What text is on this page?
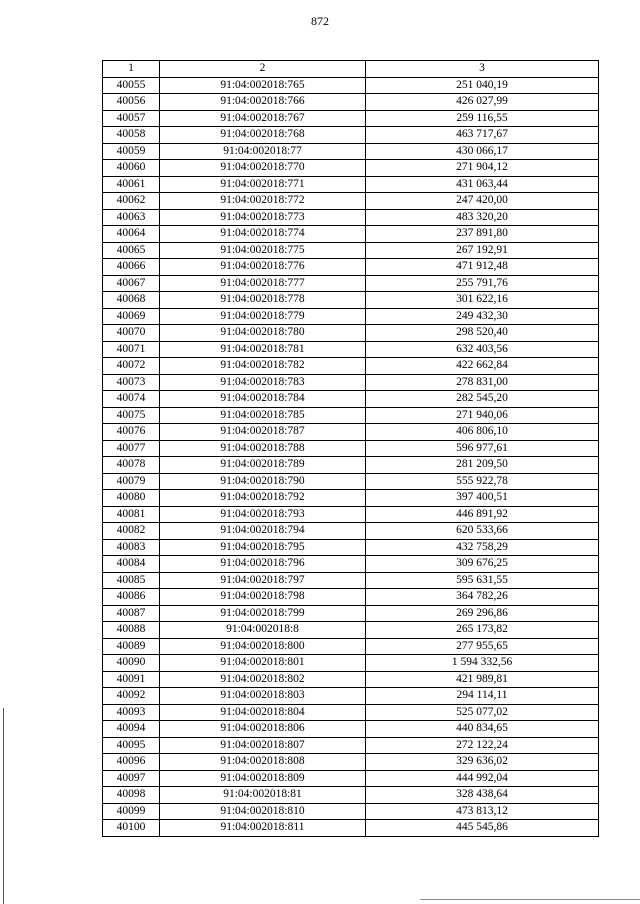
872
1	2	3
40055	91:04:002018:765	251 040,19
40056	91:04:002018:766	426 027,99
40057	91:04:002018:767	259 116,55
40058	91:04:002018:768	463 717,67
40059	91:04:002018:77	430 066,17
40060	91:04:002018:770	271 904,12
40061	91:04:002018:771	431 063,44
40062	91:04:002018:772	247 420,00
40063	91:04:002018:773	483 320,20
40064	91:04:002018:774	237 891,80
40065	91:04:002018:775	267 192,91
40066	91:04:002018:776	471 912,48
40067	91:04:002018:777	255 791,76
40068	91:04:002018:778	301 622,16
40069	91:04:002018:779	249 432,30
40070	91:04:002018:780	298 520,40
40071	91:04:002018:781	632 403,56
40072	91:04:002018:782	422 662,84
40073	91:04:002018:783	278 831,00
40074	91:04:002018:784	282 545,20
40075	91:04:002018:785	271 940,06
40076	91:04:002018:787	406 806,10
40077	91:04:002018:788	596 977,61
40078	91:04:002018:789	281 209,50
40079	91:04:002018:790	555 922,78
40080	91:04:002018:792	397 400,51
40081	91:04:002018:793	446 891,92
40082	91:04:002018:794	620 533,66
40083	91:04:002018:795	432 758,29
40084	91:04:002018:796	309 676,25
40085	91:04:002018:797	595 631,55
40086	91:04:002018:798	364 782,26
40087	91:04:002018:799	269 296,86
40088	91:04:002018:8	265 173,82
40089	91:04:002018:800	277 955,65
40090	91:04:002018:801	1 594 332,56
40091	91:04:002018:802	421 989,81
40092	91:04:002018:803	294 114,11
40093	91:04:002018:804	525 077,02
40094	91:04:002018:806	440 834,65
40095	91:04:002018:807	272 122,24
40096	91:04:002018:808	329 636,02
40097	91:04:002018:809	444 992,04
40098	91:04:002018:81	328 438,64
40099	91:04:002018:810	473 813,12
40100	91:04:002018:811	445 545,86
